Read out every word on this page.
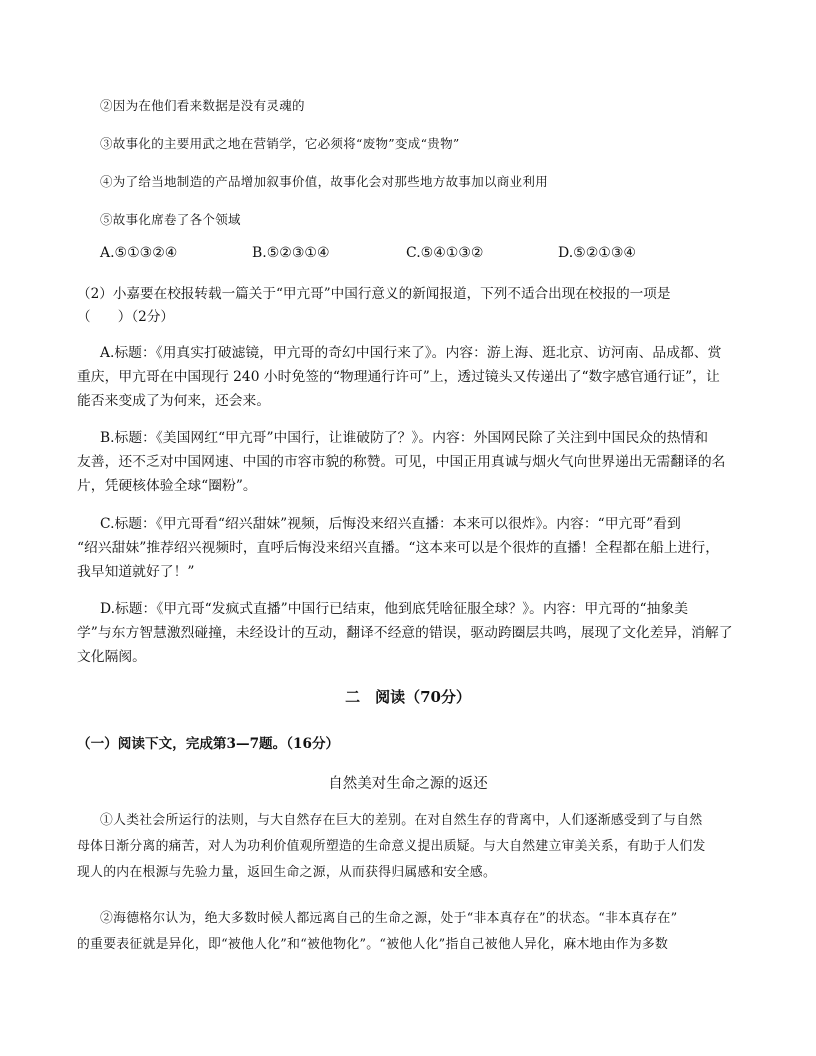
②因为在他们看来数据是没有灵魂的
③故事化的主要用武之地在营销学，它必须将“废物”变成“贵物”
④为了给当地制造的产品增加叙事价值，故事化会对那些地方故事加以商业利用
⑤故事化席卷了各个领域
A.⑤①③②④	B.⑤②③①④	C.⑤④①③②	D.⑤②①③④
（2）小嘉要在校报转载一篇关于“甲亢哥”中国行意义的新闻报道，下列不适合出现在校报的一项是
（　　）（2分）
A.标题：《用真实打破滤镜，甲亢哥的奇幻中国行来了》。内容：游上海、逛北京、访河南、品成都、赏
重庆，甲亢哥在中国现行 240 小时免签的“物理通行许可”上，透过镜头又传递出了“数字感官通行证”，让
能否来变成了为何来，还会来。
B.标题：《美国网红“甲亢哥”中国行，让谁破防了？》。内容：外国网民除了关注到中国民众的热情和
友善，还不乏对中国网速、中国的市容市貌的称赞。可见，中国正用真诚与烟火气向世界递出无需翻译的名
片，凭硬核体验全球“圈粉”。
C.标题：《甲亢哥看“绍兴甜妹”视频，后悔没来绍兴直播：本来可以很炸》。内容：“甲亢哥”看到
“绍兴甜妹”推荐绍兴视频时，直呼后悔没来绍兴直播。“这本来可以是个很炸的直播！全程都在船上进行，
我早知道就好了！”
D.标题：《甲亢哥“发疯式直播”中国行已结束，他到底凭啥征服全球？》。内容：甲亢哥的“抽象美
学”与东方智慧激烈碰撞，未经设计的互动，翻译不经意的错误，驱动跨圈层共鸣，展现了文化差异，消解了
文化隔阂。
二　阅读（70分）
（一）阅读下文，完成第3—7题。（16分）
自然美对生命之源的返还
①人类社会所运行的法则，与大自然存在巨大的差别。在对自然生存的背离中，人们逐渐感受到了与自然
母体日渐分离的痛苦，对人为功利价值观所塑造的生命意义提出质疑。与大自然建立审美关系，有助于人们发
现人的内在根源与先验力量，返回生命之源，从而获得归属感和安全感。
②海德格尔认为，绝大多数时候人都远离自己的生命之源，处于“非本真存在”的状态。“非本真存在”
的重要表征就是异化，即“被他人化”和“被他物化”。“被他人化”指自己被他人异化，麻木地由作为多数
